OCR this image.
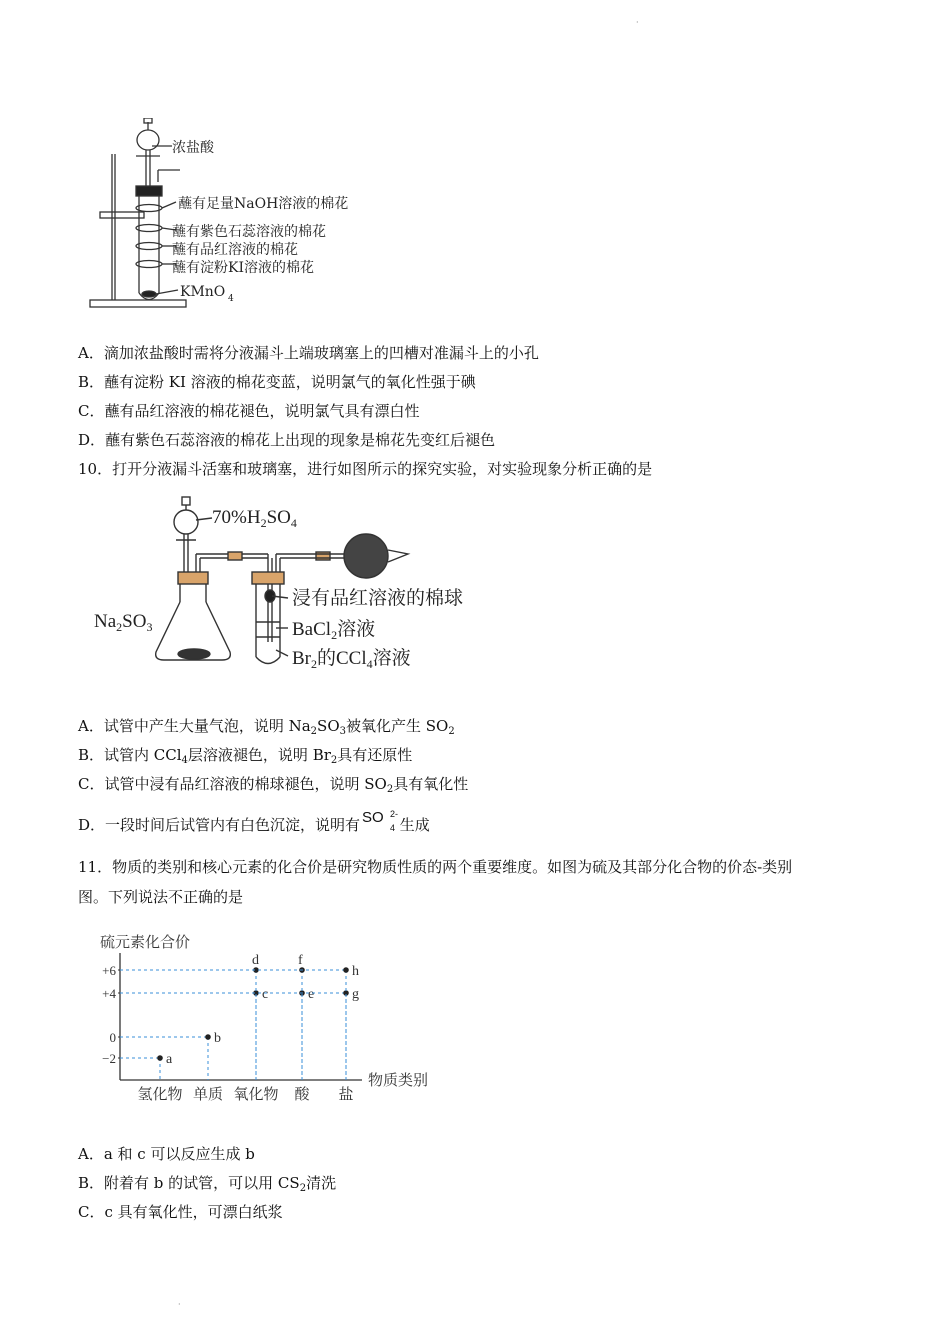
·
·
浓盐酸
蘸有足量NaOH溶液的棉花
蘸有紫色石蕊溶液的棉花
蘸有品红溶液的棉花
蘸有淀粉KI溶液的棉花
KMnO 4
A．滴加浓盐酸时需将分液漏斗上端玻璃塞上的凹槽对准漏斗上的小孔
B．蘸有淀粉 KI 溶液的棉花变蓝，说明氯气的氧化性强于碘
C．蘸有品红溶液的棉花褪色，说明氯气具有漂白性
D．蘸有紫色石蕊溶液的棉花上出现的现象是棉花先变红后褪色
10．打开分液漏斗活塞和玻璃塞，进行如图所示的探究实验，对实验现象分析正确的是
$70\%H_2SO_4$
$Na_2SO_3$
浸有品红溶液的棉球
BaCl$_2$溶液
$Br_2$的CCl$_4$溶液
A．试管中产生大量气泡，说明 $Na_2SO_3$被氧化产生 $SO_2$
B．试管内 CCl$_4$层溶液褪色，说明 $Br_2$具有还原性
C．试管中浸有品红溶液的棉球褪色，说明 $SO_2$具有氧化性
D．一段时间后试管内有白色沉淀，说明有 SO 2-
4 生成
11．物质的类别和核心元素的化合价是研究物质性质的两个重要维度。如图为硫及其部分化合物的价态-类别
图。下列说法不正确的是
硫元素化合价
物质类别
+6
+4
0
−2
氢化物 单质 氧化物 酸 盐
a
b
c
d
e
f
g
h
A．a 和 c 可以反应生成 b
B．附着有 b 的试管，可以用 $CS_2$清洗
C．c 具有氧化性，可漂白纸浆
